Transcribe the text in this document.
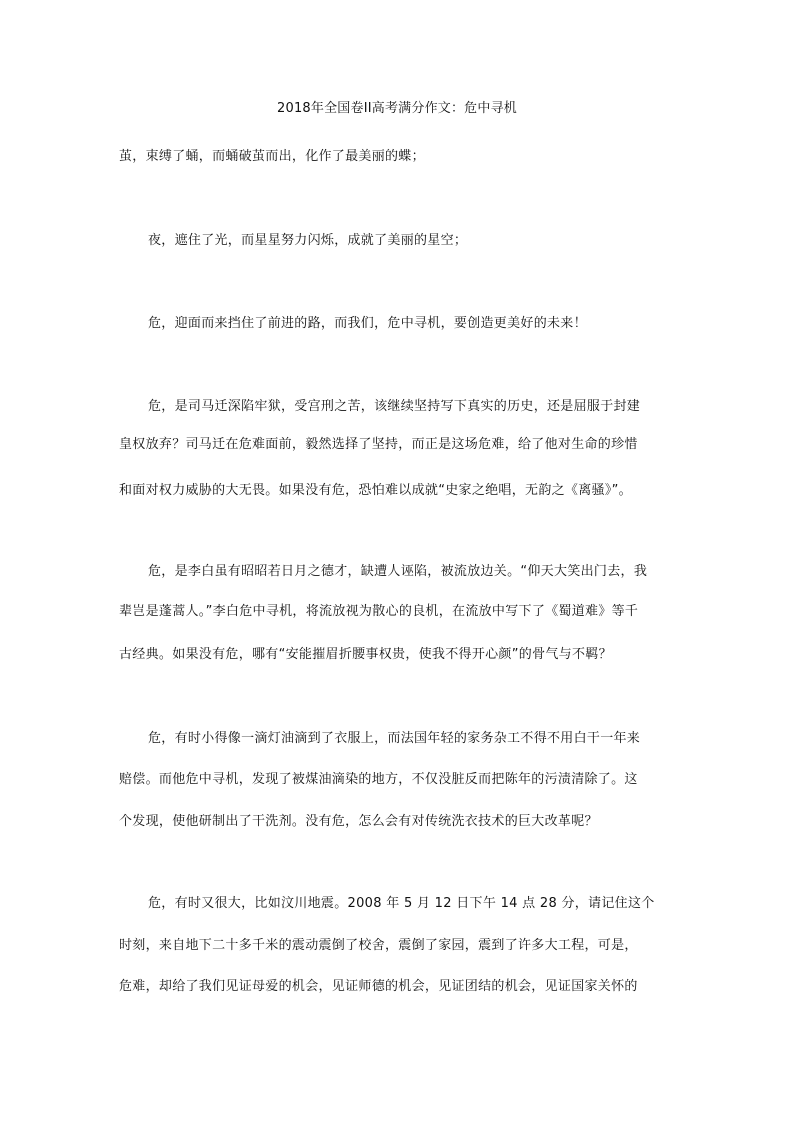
2018年全国卷II高考满分作文：危中寻机
茧，束缚了蛹，而蛹破茧而出，化作了最美丽的蝶；
夜，遮住了光，而星星努力闪烁，成就了美丽的星空；
危，迎面而来挡住了前进的路，而我们，危中寻机，要创造更美好的未来！
危，是司马迁深陷牢狱，受宫刑之苦，该继续坚持写下真实的历史，还是屈服于封建
皇权放弃？司马迁在危难面前，毅然选择了坚持，而正是这场危难，给了他对生命的珍惜
和面对权力威胁的大无畏。如果没有危，恐怕难以成就“史家之绝唱，无韵之《离骚》”。
危，是李白虽有昭昭若日月之德才，缺遭人诬陷，被流放边关。“仰天大笑出门去，我
辈岂是蓬蒿人。”李白危中寻机，将流放视为散心的良机，在流放中写下了《蜀道难》等千
古经典。如果没有危，哪有“安能摧眉折腰事权贵，使我不得开心颜”的骨气与不羁？
危，有时小得像一滴灯油滴到了衣服上，而法国年轻的家务杂工不得不用白干一年来
赔偿。而他危中寻机，发现了被煤油滴染的地方，不仅没脏反而把陈年的污渍清除了。这
个发现，使他研制出了干洗剂。没有危，怎么会有对传统洗衣技术的巨大改革呢？
危，有时又很大，比如汶川地震。2008 年 5 月 12 日下午 14 点 28 分，请记住这个
时刻，来自地下二十多千米的震动震倒了校舍，震倒了家园，震到了许多大工程，可是，
危难，却给了我们见证母爱的机会，见证师德的机会，见证团结的机会，见证国家关怀的
